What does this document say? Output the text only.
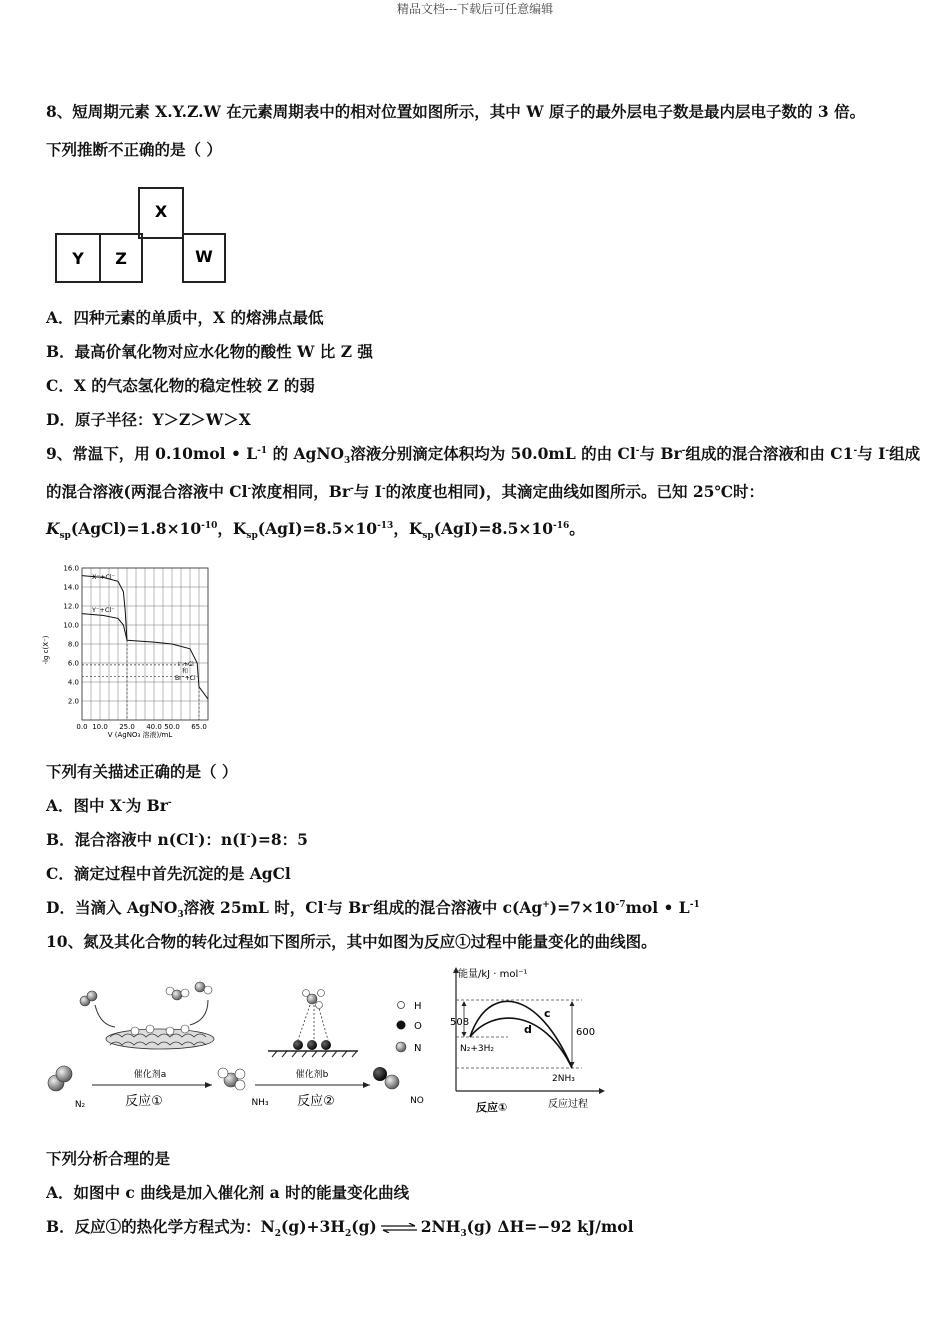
精品文档---下载后可任意编辑
8、短周期元素 X.Y.Z.W 在元素周期表中的相对位置如图所示，其中 W 原子的最外层电子数是最内层电子数的 3 倍。
下列推断不正确的是（ ）
X
Y Z	W
A．四种元素的单质中，X 的熔沸点最低
B．最高价氧化物对应水化物的酸性 W 比 Z 强
C．X 的气态氢化物的稳定性较 Z 的弱
D．原子半径：Y＞Z＞W＞X
9、常温下，用 0.10mol • $L^{-1}$ 的 AgNO$_3$溶液分别滴定体积均为 50.0mL 的由 Cl-与 Br-组成的混合溶液和由 C1-与 I-组成
的混合溶液(两混合溶液中 Cl-浓度相同，Br-与 I-的浓度也相同)，其滴定曲线如图所示。已知 25℃时：
$K_{sp}(AgCl)=1.8\times 10^{-10}$，$K_{sp}(AgI)=8.5\times 10^{-13}$，$K_{sp}(AgI)=8.5\times 10^{-16}$。
16.0
14.0
12.0
10.0
8.0
6.0
4.0
2.0
0.0 10.0 25.0 40.0 50.0 65.0
-lg c(X⁻)
V (AgNO₃ 溶液)/mL
X⁻+Cl⁻
Y⁻+Cl⁻
I⁻+Cl⁻
和
Br⁻+Cl⁻
下列有关描述正确的是（ ）
A．图中 X-为 Br-
B．混合溶液中 n(Cl-)：n(I-)=8：5
C．滴定过程中首先沉淀的是 AgCl
D．当滴入 AgNO$_3$溶液 25mL 时，Cl-与 Br-组成的混合溶液中 $c(Ag^+)=7\times 10^{-7}mol$ • $L^{-1}$
10、氮及其化合物的转化过程如下图所示，其中如图为反应①过程中能量变化的曲线图。
H
O
N
催化剂a	催化剂b
反应①	反应②
N₂	NH₃	NO
能量/kJ · mol⁻¹
508
600
c
d
N₂+3H₂
2NH₃
反应①	反应过程
下列分析合理的是
A．如图中 c 曲线是加入催化剂 a 时的能量变化曲线
B．反应①的热化学方程式为：$N_2(g)+3H_2(g)$ ⇌ $2NH_3(g)$ ΔH=−92 kJ/mol
